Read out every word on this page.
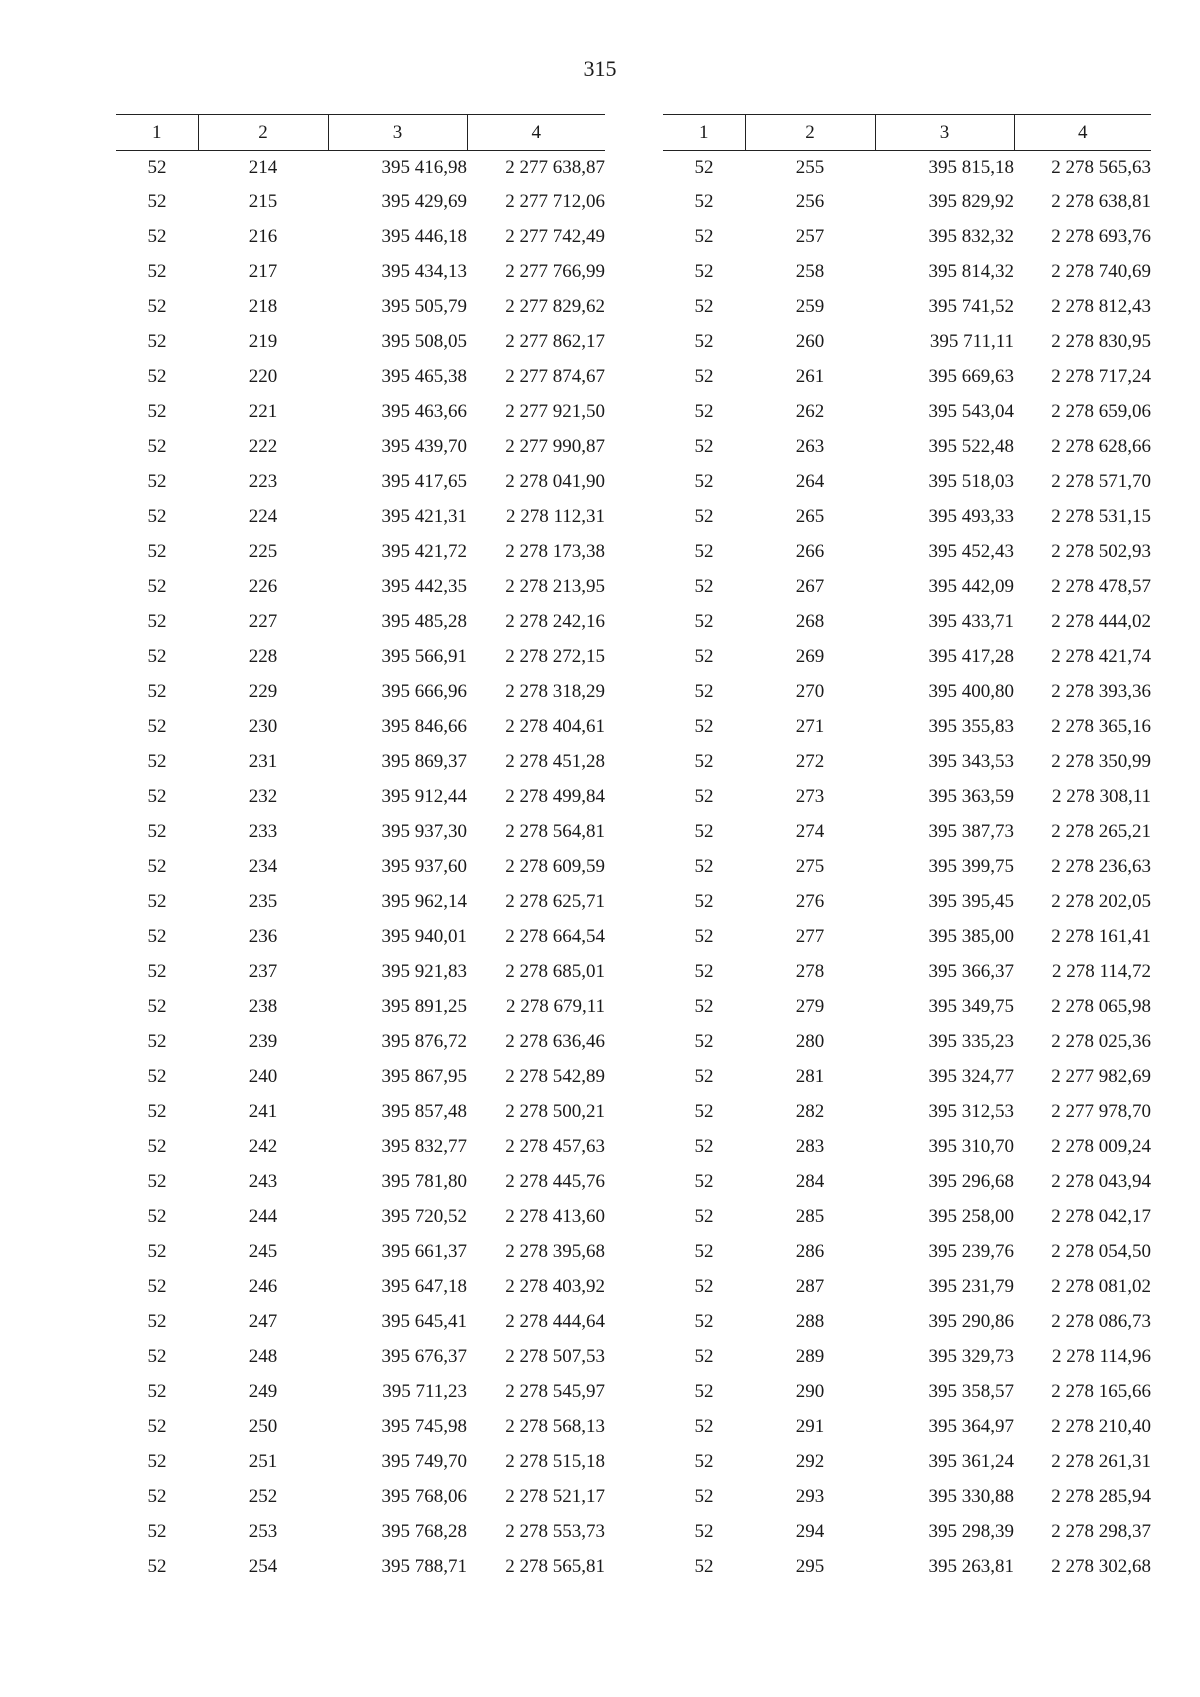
315
1	2	3	4
52	214	395 416,98	2 277 638,87
52	215	395 429,69	2 277 712,06
52	216	395 446,18	2 277 742,49
52	217	395 434,13	2 277 766,99
52	218	395 505,79	2 277 829,62
52	219	395 508,05	2 277 862,17
52	220	395 465,38	2 277 874,67
52	221	395 463,66	2 277 921,50
52	222	395 439,70	2 277 990,87
52	223	395 417,65	2 278 041,90
52	224	395 421,31	2 278 112,31
52	225	395 421,72	2 278 173,38
52	226	395 442,35	2 278 213,95
52	227	395 485,28	2 278 242,16
52	228	395 566,91	2 278 272,15
52	229	395 666,96	2 278 318,29
52	230	395 846,66	2 278 404,61
52	231	395 869,37	2 278 451,28
52	232	395 912,44	2 278 499,84
52	233	395 937,30	2 278 564,81
52	234	395 937,60	2 278 609,59
52	235	395 962,14	2 278 625,71
52	236	395 940,01	2 278 664,54
52	237	395 921,83	2 278 685,01
52	238	395 891,25	2 278 679,11
52	239	395 876,72	2 278 636,46
52	240	395 867,95	2 278 542,89
52	241	395 857,48	2 278 500,21
52	242	395 832,77	2 278 457,63
52	243	395 781,80	2 278 445,76
52	244	395 720,52	2 278 413,60
52	245	395 661,37	2 278 395,68
52	246	395 647,18	2 278 403,92
52	247	395 645,41	2 278 444,64
52	248	395 676,37	2 278 507,53
52	249	395 711,23	2 278 545,97
52	250	395 745,98	2 278 568,13
52	251	395 749,70	2 278 515,18
52	252	395 768,06	2 278 521,17
52	253	395 768,28	2 278 553,73
52	254	395 788,71	2 278 565,81
1	2	3	4
52	255	395 815,18	2 278 565,63
52	256	395 829,92	2 278 638,81
52	257	395 832,32	2 278 693,76
52	258	395 814,32	2 278 740,69
52	259	395 741,52	2 278 812,43
52	260	395 711,11	2 278 830,95
52	261	395 669,63	2 278 717,24
52	262	395 543,04	2 278 659,06
52	263	395 522,48	2 278 628,66
52	264	395 518,03	2 278 571,70
52	265	395 493,33	2 278 531,15
52	266	395 452,43	2 278 502,93
52	267	395 442,09	2 278 478,57
52	268	395 433,71	2 278 444,02
52	269	395 417,28	2 278 421,74
52	270	395 400,80	2 278 393,36
52	271	395 355,83	2 278 365,16
52	272	395 343,53	2 278 350,99
52	273	395 363,59	2 278 308,11
52	274	395 387,73	2 278 265,21
52	275	395 399,75	2 278 236,63
52	276	395 395,45	2 278 202,05
52	277	395 385,00	2 278 161,41
52	278	395 366,37	2 278 114,72
52	279	395 349,75	2 278 065,98
52	280	395 335,23	2 278 025,36
52	281	395 324,77	2 277 982,69
52	282	395 312,53	2 277 978,70
52	283	395 310,70	2 278 009,24
52	284	395 296,68	2 278 043,94
52	285	395 258,00	2 278 042,17
52	286	395 239,76	2 278 054,50
52	287	395 231,79	2 278 081,02
52	288	395 290,86	2 278 086,73
52	289	395 329,73	2 278 114,96
52	290	395 358,57	2 278 165,66
52	291	395 364,97	2 278 210,40
52	292	395 361,24	2 278 261,31
52	293	395 330,88	2 278 285,94
52	294	395 298,39	2 278 298,37
52	295	395 263,81	2 278 302,68
